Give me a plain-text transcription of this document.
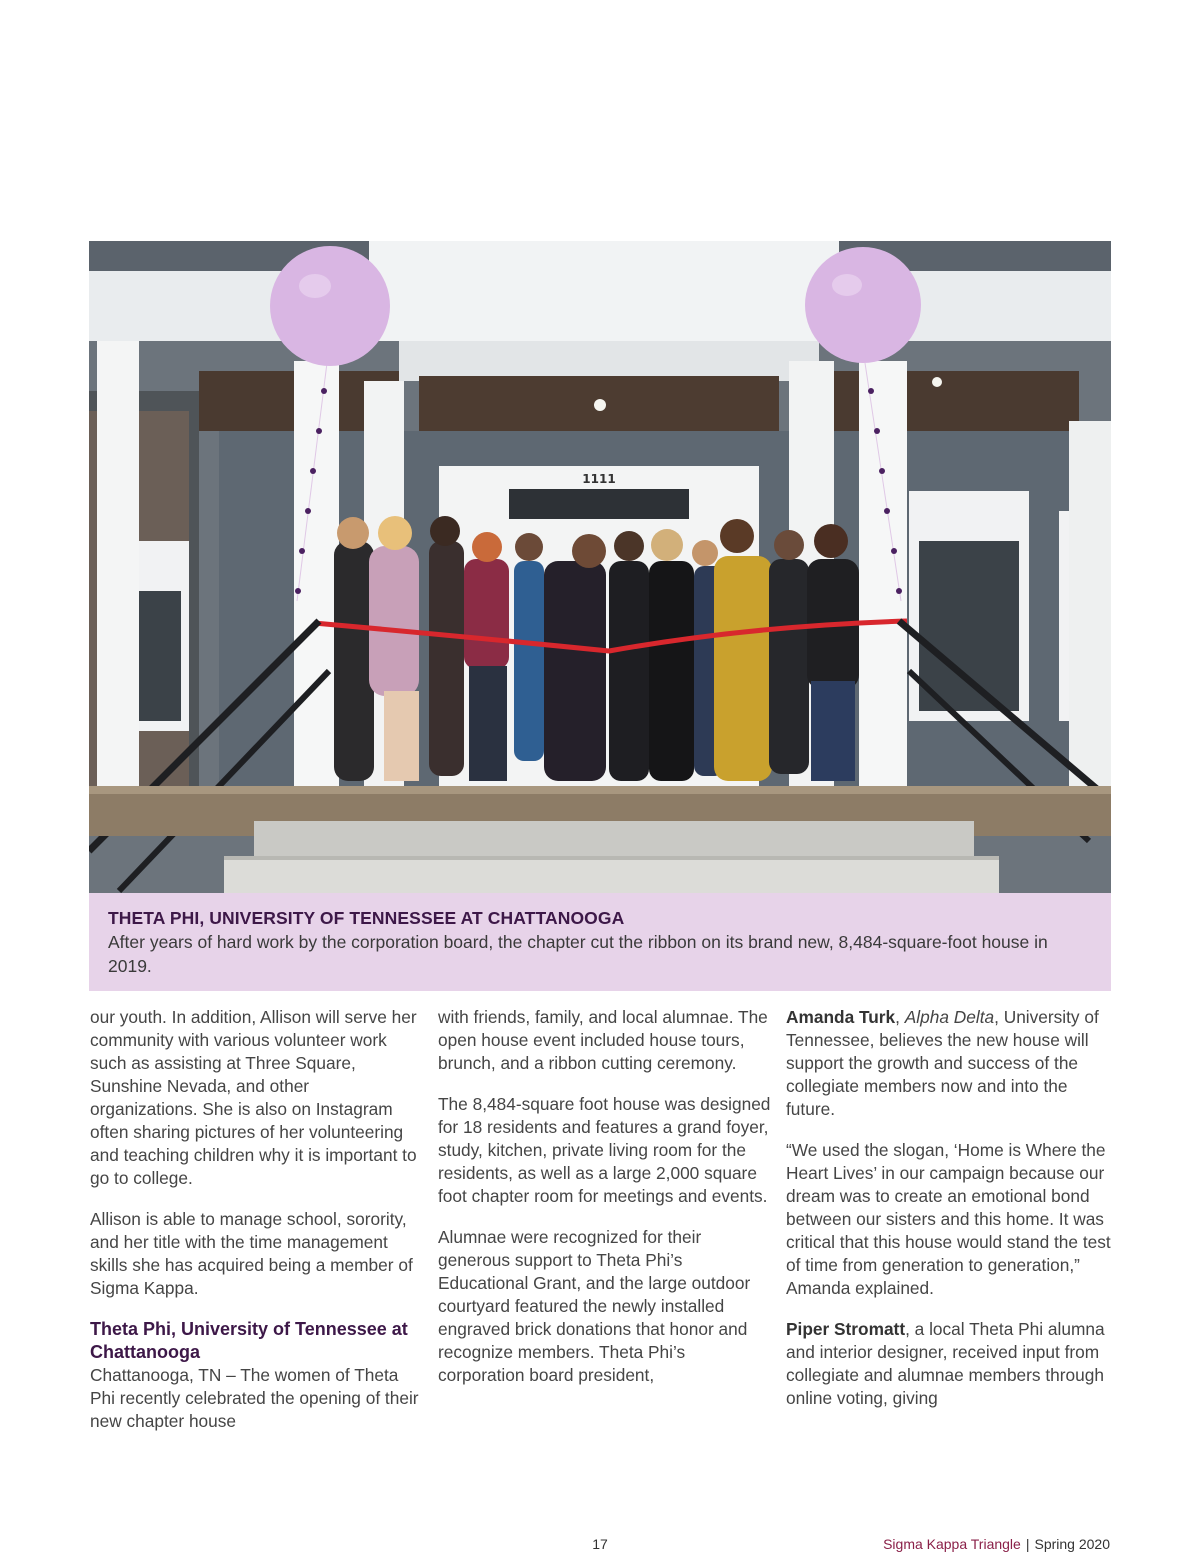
1111
THETA PHI, UNIVERSITY OF TENNESSEE AT CHATTANOOGA
After years of hard work by the corporation board, the chapter cut the ribbon on its brand new, 8,484-square-foot house in 2019.

our youth. In addition, Allison will serve her community with various volunteer work such as assisting at Three Square, Sunshine Nevada, and other organizations. She is also on Instagram often sharing pictures of her volunteering and teaching children why it is important to go to college.

Allison is able to manage school, sorority, and her title with the time management skills she has acquired being a member of Sigma Kappa.

Theta Phi, University of Tennessee at Chattanooga

Chattanooga, TN – The women of Theta Phi recently celebrated the opening of their new chapter house

with friends, family, and local alumnae. The open house event included house tours, brunch, and a ribbon cutting ceremony.

The 8,484-square foot house was designed for 18 residents and features a grand foyer, study, kitchen, private living room for the residents, as well as a large 2,000 square foot chapter room for meetings and events.

Alumnae were recognized for their generous support to Theta Phi’s Educational Grant, and the large outdoor courtyard featured the newly installed engraved brick donations that honor and recognize members. Theta Phi’s corporation board president,

Amanda Turk, Alpha Delta, University of Tennessee, believes the new house will support the growth and success of the collegiate members now and into the future.

“We used the slogan, ‘Home is Where the Heart Lives’ in our campaign because our dream was to create an emotional bond between our sisters and this home. It was critical that this house would stand the test of time from generation to generation,” Amanda explained.

Piper Stromatt, a local Theta Phi alumna and interior designer, received input from collegiate and alumnae members through online voting, giving

17	Sigma Kappa Triangle | Spring 2020
